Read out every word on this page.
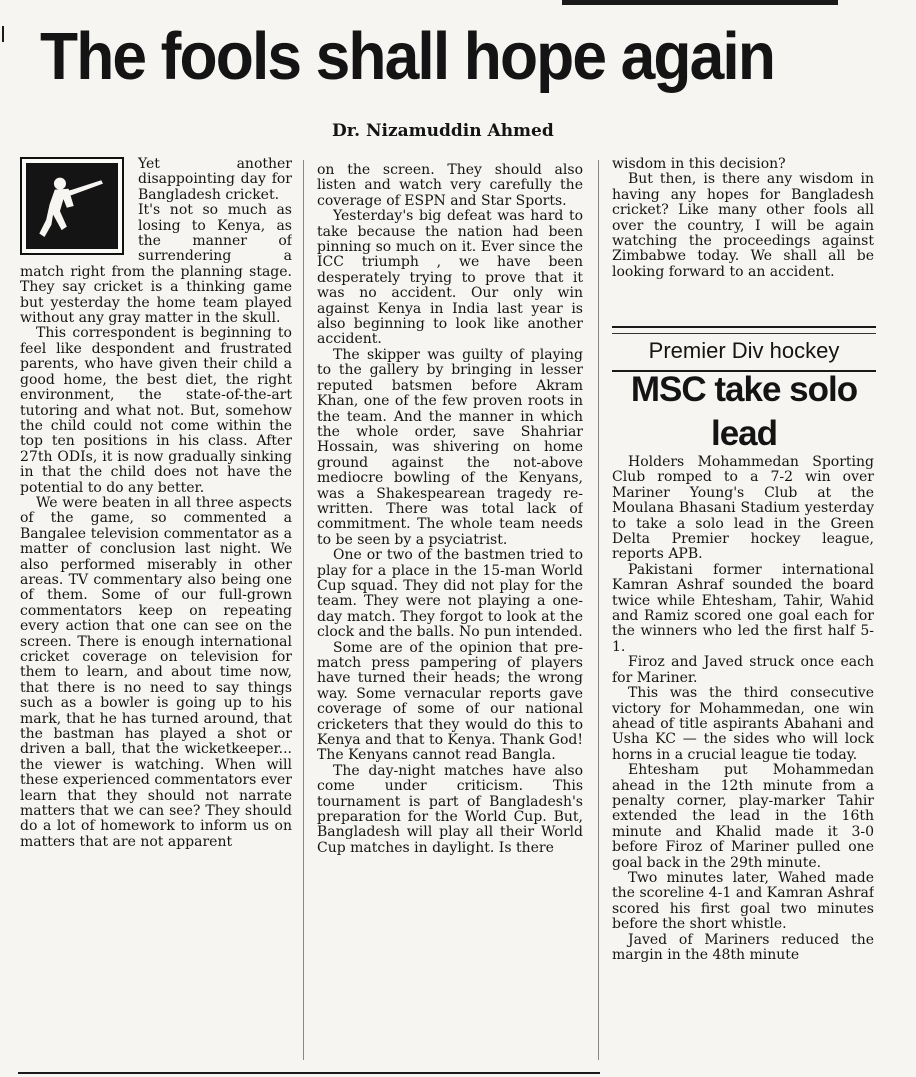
The fools shall hope again
Dr. Nizamuddin Ahmed

Yet another disappointing day for Bangladesh cricket.

It's not so much as losing to Kenya, as the manner of surrendering a match right from the planning stage. They say cricket is a thinking game but yesterday the home team played without any gray matter in the skull.

This correspondent is beginning to feel like despondent and frustrated parents, who have given their child a good home, the best diet, the right environment, the state-of-the-art tutoring and what not. But, somehow the child could not come within the top ten positions in his class. After 27th ODIs, it is now gradually sinking in that the child does not have the potential to do any better.

We were beaten in all three aspects of the game, so commented a Bangalee television commentator as a matter of conclusion last night. We also performed miserably in other areas. TV commentary also being one of them. Some of our full-grown commentators keep on repeating every action that one can see on the screen. There is enough international cricket coverage on television for them to learn, and about time now, that there is no need to say things such as a bowler is going up to his mark, that he has turned around, that the bastman has played a shot or driven a ball, that the wicketkeeper... the viewer is watching. When will these experienced commentators ever learn that they should not narrate matters that we can see? They should do a lot of homework to inform us on matters that are not apparent

on the screen. They should also listen and watch very carefully the coverage of ESPN and Star Sports.

Yesterday's big defeat was hard to take because the nation had been pinning so much on it. Ever since the ICC triumph , we have been desperately trying to prove that it was no accident. Our only win against Kenya in India last year is also beginning to look like another accident.

The skipper was guilty of playing to the gallery by bringing in lesser reputed batsmen before Akram Khan, one of the few proven roots in the team. And the manner in which the whole order, save Shahriar Hossain, was shivering on home ground against the not-above mediocre bowling of the Kenyans, was a Shakespearean tragedy re-written. There was total lack of commitment. The whole team needs to be seen by a psyciatrist.

One or two of the bastmen tried to play for a place in the 15-man World Cup squad. They did not play for the team. They were not playing a one-day match. They forgot to look at the clock and the balls. No pun intended.

Some are of the opinion that pre-match press pampering of players have turned their heads; the wrong way. Some vernacular reports gave coverage of some of our national cricketers that they would do this to Kenya and that to Kenya. Thank God! The Kenyans cannot read Bangla.

The day-night matches have also come under criticism. This tournament is part of Bangladesh's preparation for the World Cup. But, Bangladesh will play all their World Cup matches in daylight. Is there

wisdom in this decision?

But then, is there any wisdom in having any hopes for Bangladesh cricket? Like many other fools all over the country, I will be again watching the proceedings against Zimbabwe today. We shall all be looking forward to an accident.

Premier Div hockey
MSC take solo lead

Holders Mohammedan Sporting Club romped to a 7-2 win over Mariner Young's Club at the Moulana Bhasani Stadium yesterday to take a solo lead in the Green Delta Premier hockey league, reports APB.

Pakistani former international Kamran Ashraf sounded the board twice while Ehtesham, Tahir, Wahid and Ramiz scored one goal each for the winners who led the first half 5-1.

Firoz and Javed struck once each for Mariner.

This was the third consecutive victory for Mohammedan, one win ahead of title aspirants Abahani and Usha KC — the sides who will lock horns in a crucial league tie today.

Ehtesham put Mohammedan ahead in the 12th minute from a penalty corner, play-marker Tahir extended the lead in the 16th minute and Khalid made it 3-0 before Firoz of Mariner pulled one goal back in the 29th minute.

Two minutes later, Wahed made the scoreline 4-1 and Kamran Ashraf scored his first goal two minutes before the short whistle.

Javed of Mariners reduced the margin in the 48th minute
